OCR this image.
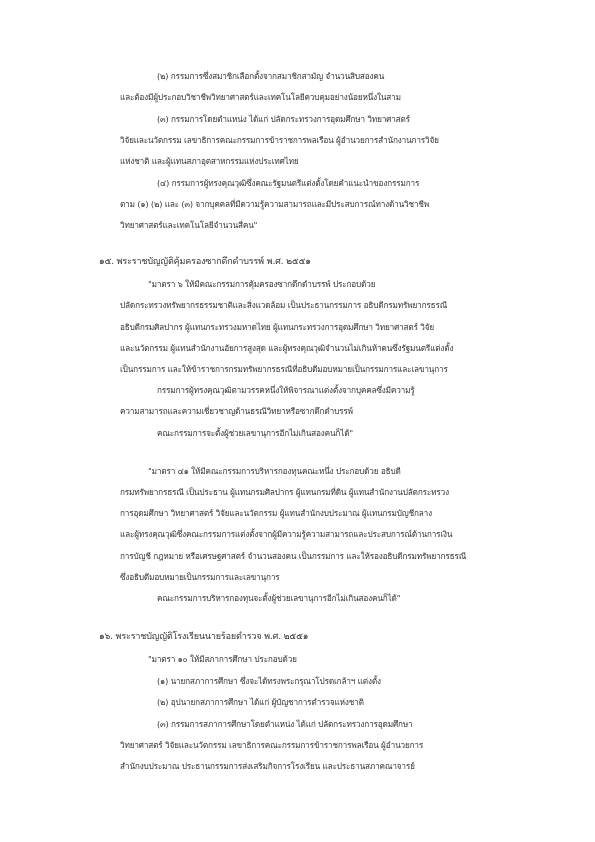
(๒) กรรมการซึ่งสมาชิกเลือกตั้งจากสมาชิกสามัญ จำนวนสิบสองคน
และต้องมีผู้ประกอบวิชาชีพวิทยาศาสตร์และเทคโนโลยีควบคุมอย่างน้อยหนึ่งในสาม
(๓) กรรมการโดยตำแหน่ง ได้แก่ ปลัดกระทรวงการอุดมศึกษา วิทยาศาสตร์
วิจัยและนวัตกรรม เลขาธิการคณะกรรมการข้าราชการพลเรือน ผู้อำนวยการสำนักงานการวิจัย
แห่งชาติ และผู้แทนสภาอุตสาหกรรมแห่งประเทศไทย
(๔) กรรมการผู้ทรงคุณวุฒิซึ่งคณะรัฐมนตรีแต่งตั้งโดยคำแนะนำของกรรมการ
ตาม (๑) (๒) และ (๓) จากบุคคลที่มีความรู้ความสามารถและมีประสบการณ์ทางด้านวิชาชีพ
วิทยาศาสตร์และเทคโนโลยีจำนวนสี่คน"
๑๕. พระราชบัญญัติคุ้มครองซากดึกดำบรรพ์ พ.ศ. ๒๕๕๑
"มาตรา ๖ ให้มีคณะกรรมการคุ้มครองซากดึกดำบรรพ์ ประกอบด้วย
ปลัดกระทรวงทรัพยากรธรรมชาติและสิ่งแวดล้อม เป็นประธานกรรมการ อธิบดีกรมทรัพยากรธรณี
อธิบดีกรมศิลปากร ผู้แทนกระทรวงมหาดไทย ผู้แทนกระทรวงการอุดมศึกษา วิทยาศาสตร์ วิจัย
และนวัตกรรม ผู้แทนสำนักงานอัยการสูงสุด และผู้ทรงคุณวุฒิจำนวนไม่เกินห้าคนซึ่งรัฐมนตรีแต่งตั้ง
เป็นกรรมการ และให้ข้าราชการกรมทรัพยากรธรณีที่อธิบดีมอบหมายเป็นกรรมการและเลขานุการ
กรรมการผู้ทรงคุณวุฒิตามวรรคหนึ่งให้พิจารณาแต่งตั้งจากบุคคลซึ่งมีความรู้
ความสามารถและความเชี่ยวชาญด้านธรณีวิทยาหรือซากดึกดำบรรพ์
คณะกรรมการจะตั้งผู้ช่วยเลขานุการอีกไม่เกินสองคนก็ได้"
"มาตรา ๔๑ ให้มีคณะกรรมการบริหารกองทุนคณะหนึ่ง ประกอบด้วย อธิบดี
กรมทรัพยากรธรณี เป็นประธาน ผู้แทนกรมศิลปากร ผู้แทนกรมที่ดิน ผู้แทนสำนักงานปลัดกระทรวง
การอุดมศึกษา วิทยาศาสตร์ วิจัยและนวัตกรรม ผู้แทนสำนักงบประมาณ ผู้แทนกรมบัญชีกลาง
และผู้ทรงคุณวุฒิซึ่งคณะกรรมการแต่งตั้งจากผู้มีความรู้ความสามารถและประสบการณ์ด้านการเงิน
การบัญชี กฎหมาย หรือเศรษฐศาสตร์ จำนวนสองคน เป็นกรรมการ และให้รองอธิบดีกรมทรัพยากรธรณี
ซึ่งอธิบดีมอบหมายเป็นกรรมการและเลขานุการ
คณะกรรมการบริหารกองทุนจะตั้งผู้ช่วยเลขานุการอีกไม่เกินสองคนก็ได้"
๑๖. พระราชบัญญัติโรงเรียนนายร้อยตำรวจ พ.ศ. ๒๕๕๑
"มาตรา ๑๐ ให้มีสภาการศึกษา ประกอบด้วย
(๑) นายกสภาการศึกษา ซึ่งจะได้ทรงพระกรุณาโปรดเกล้าฯ แต่งตั้ง
(๒) อุปนายกสภาการศึกษา ได้แก่ ผู้บัญชาการตำรวจแห่งชาติ
(๓) กรรมการสภาการศึกษาโดยตำแหน่ง ได้แก่ ปลัดกระทรวงการอุดมศึกษา
วิทยาศาสตร์ วิจัยและนวัตกรรม เลขาธิการคณะกรรมการข้าราชการพลเรือน ผู้อำนวยการ
สำนักงบประมาณ ประธานกรรมการส่งเสริมกิจการโรงเรียน และประธานสภาคณาจารย์
